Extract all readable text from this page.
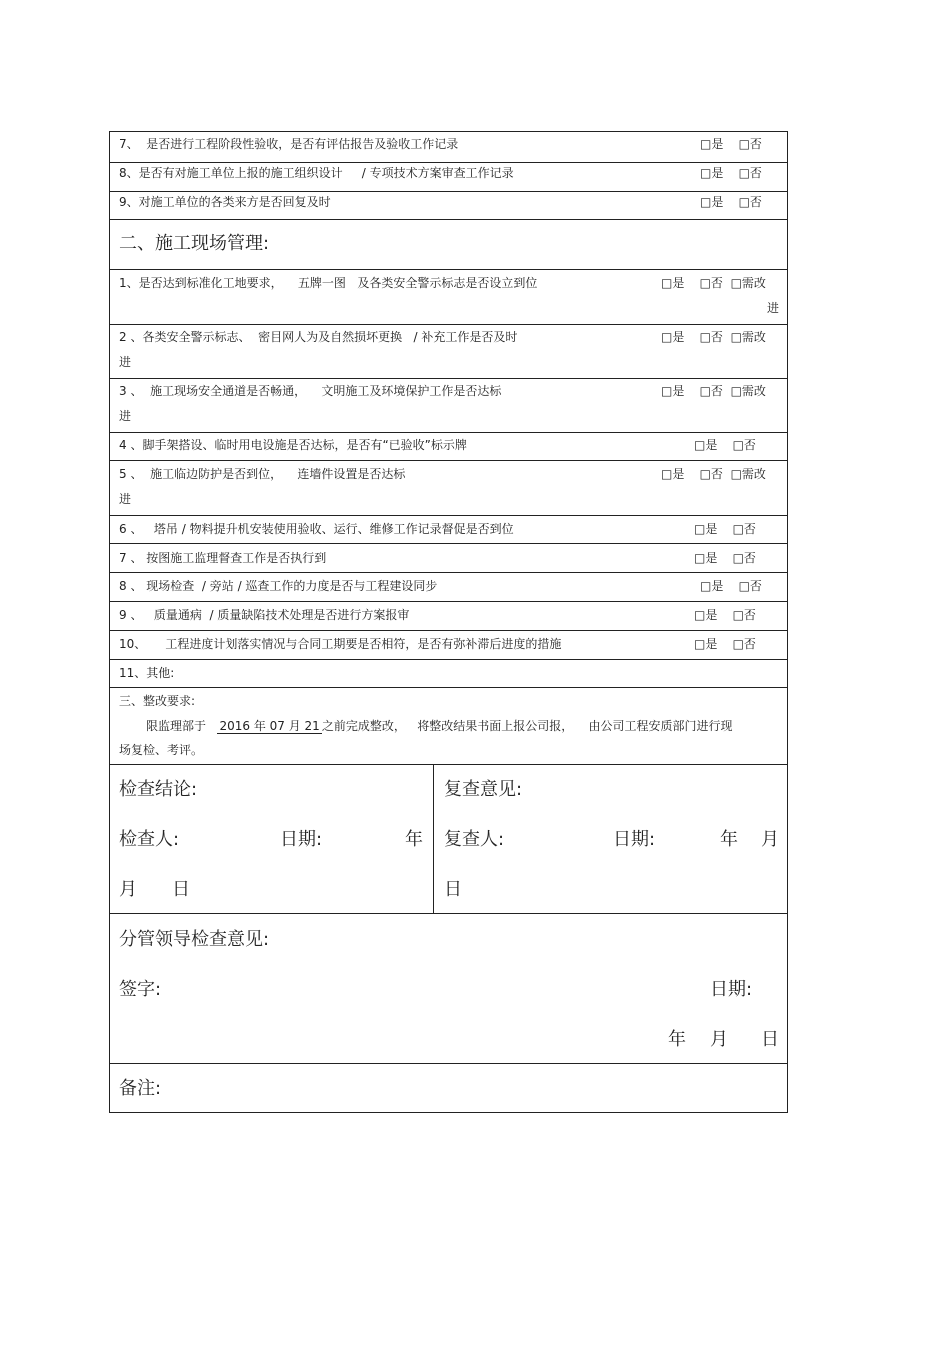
7、  是否进行工程阶段性验收，是否有评估报告及验收工作记录	□是    □否
8、是否有对施工单位上报的施工组织设计     / 专项技术方案审查工作记录	□是    □否
9、对施工单位的各类来方是否回复及时	□是    □否
二、施工现场管理:
1、是否达到标准化工地要求，    五牌一图   及各类安全警示标志是否设立到位	□是    □否  □需改
进
2 、各类安全警示标志、  密目网人为及自然损坏更换   / 补充工作是否及时	□是    □否  □需改
进
3 、  施工现场安全通道是否畅通，    文明施工及环境保护工作是否达标	□是    □否  □需改
进
4 、脚手架搭设、临时用电设施是否达标，是否有“已验收”标示牌	□是    □否
5 、  施工临边防护是否到位，    连墙件设置是否达标	□是    □否  □需改
进
6 、   塔吊 / 物料提升机安装使用验收、运行、维修工作记录督促是否到位	□是    □否
7 、 按图施工监理督查工作是否执行到	□是    □否
8 、 现场检查  / 旁站 / 巡查工作的力度是否与工程建设同步	□是    □否
9 、   质量通病  / 质量缺陷技术处理是否进行方案报审	□是    □否
10、     工程进度计划落实情况与合同工期要是否相符，是否有弥补滞后进度的措施	□是    □否
11、其他:
三、整改要求:
限监理部于 2016 年 07 月 21 之前完成整改，   将整改结果书面上报公司报，    由公司工程安质部门进行现
场复检、考评。
检查结论:
检查人:	日期:	年
月 日
复查意见:
复查人:	日期:	年 月
日
分管领导检查意见:
签字:	日期:
年 月 日
备注:
